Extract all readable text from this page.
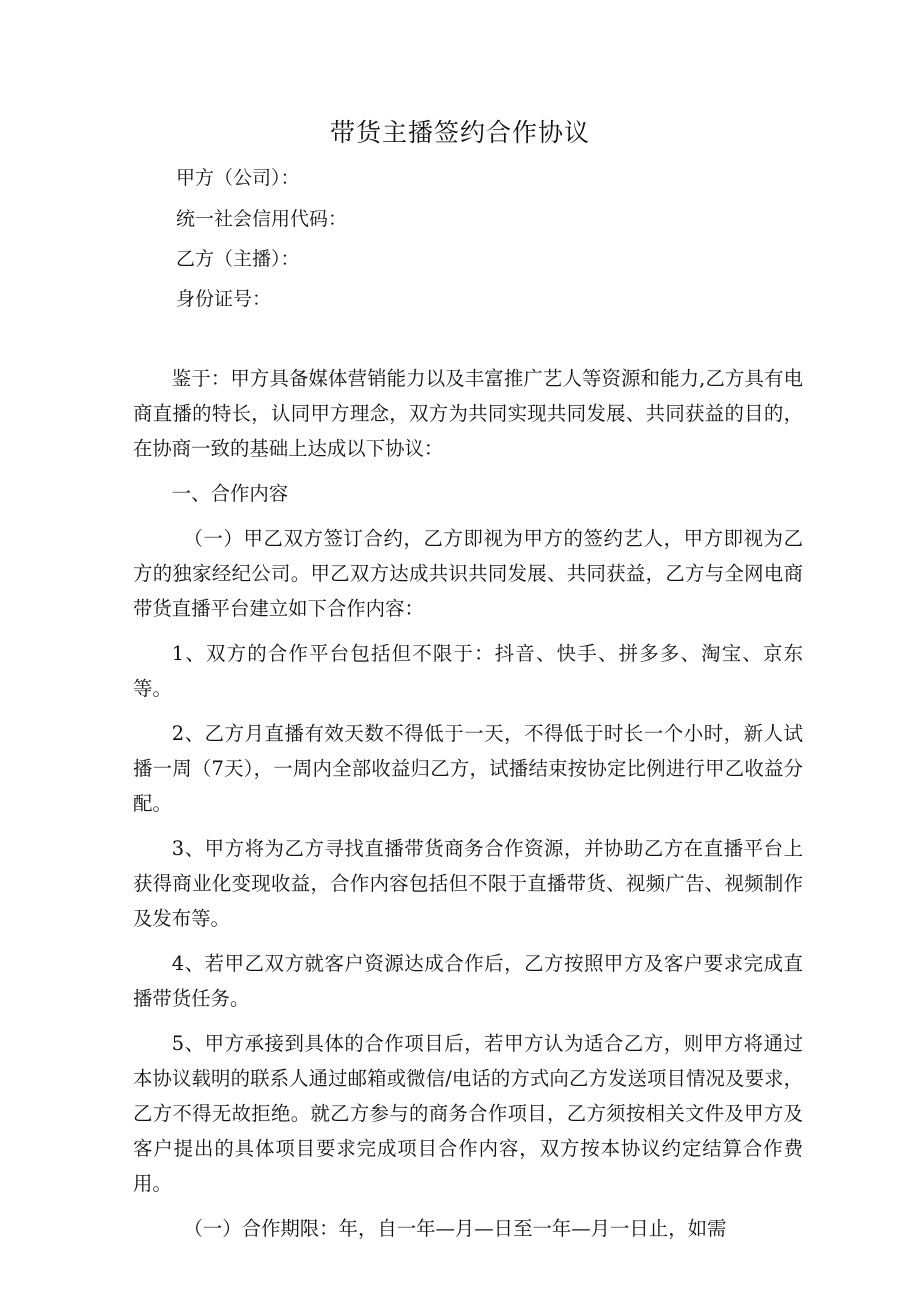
带货主播签约合作协议
甲方（公司）：
统一社会信用代码：
乙方（主播）：
身份证号：

鉴于：甲方具备媒体营销能力以及丰富推广艺人等资源和能力,乙方具有电商直播的特长，认同甲方理念，双方为共同实现共同发展、共同获益的目的，在协商一致的基础上达成以下协议：

一、合作内容

（一）甲乙双方签订合约，乙方即视为甲方的签约艺人，甲方即视为乙方的独家经纪公司。甲乙双方达成共识共同发展、共同获益，乙方与全网电商带货直播平台建立如下合作内容：

1、双方的合作平台包括但不限于：抖音、快手、拼多多、淘宝、京东等。

2、乙方月直播有效天数不得低于一天，不得低于时长一个小时，新人试播一周（7天），一周内全部收益归乙方，试播结束按协定比例进行甲乙收益分配。

3、甲方将为乙方寻找直播带货商务合作资源，并协助乙方在直播平台上获得商业化变现收益，合作内容包括但不限于直播带货、视频广告、视频制作及发布等。

4、若甲乙双方就客户资源达成合作后，乙方按照甲方及客户要求完成直播带货任务。

5、甲方承接到具体的合作项目后，若甲方认为适合乙方，则甲方将通过本协议载明的联系人通过邮箱或微信/电话的方式向乙方发送项目情况及要求，乙方不得无故拒绝。就乙方参与的商务合作项目，乙方须按相关文件及甲方及客户提出的具体项目要求完成项目合作内容，双方按本协议约定结算合作费用。

（一）合作期限：年，自一年—月—日至一年—月一日止，如需
